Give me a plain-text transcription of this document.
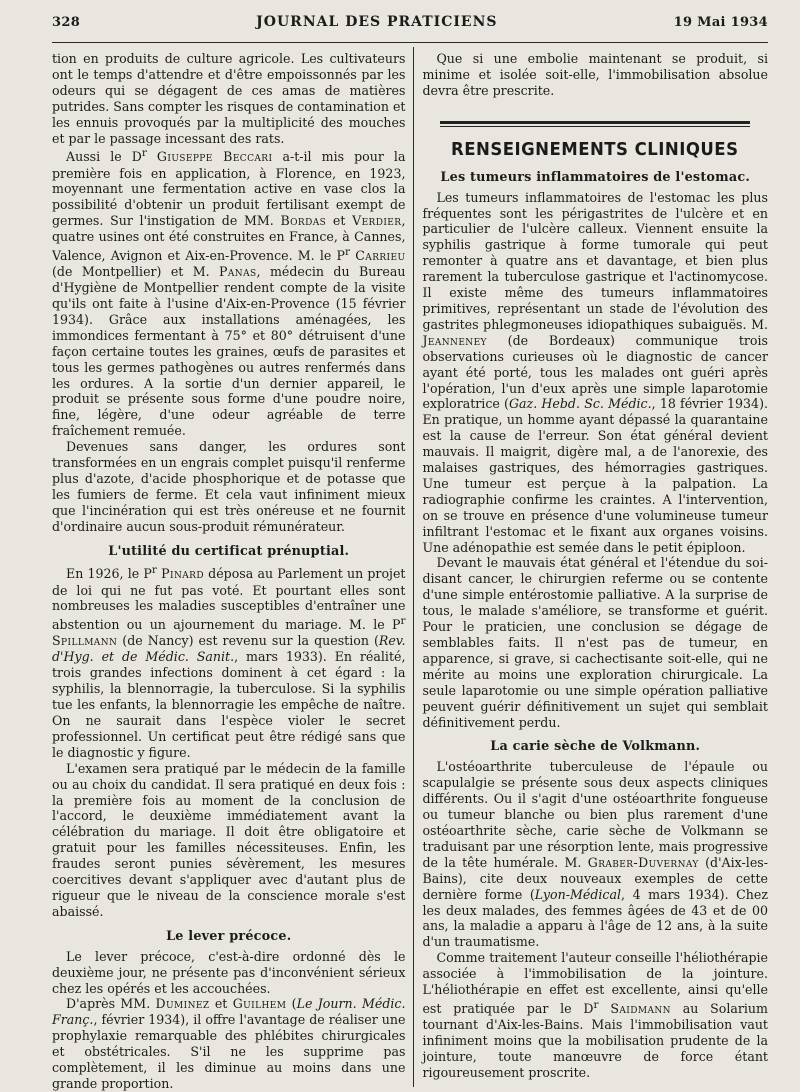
328	JOURNAL DES PRATICIENS	19 Mai 1934

tion en produits de culture agricole. Les cultivateurs ont le temps d'attendre et d'être empoissonnés par les odeurs qui se dégagent de ces amas de matières putrides. Sans compter les risques de contamination et les ennuis provoqués par la multiplicité des mouches et par le passage incessant des rats.

Aussi le $D^r$ Giuseppe Beccari a-t-il mis pour la première fois en application, à Florence, en 1923, moyennant une fermentation active en vase clos la possibilité d'obtenir un produit fertilisant exempt de germes. Sur l'instigation de MM. Bordas et Verdier, quatre usines ont été construites en France, à Cannes, Valence, Avignon et Aix-en-Provence. M. le $P^r$ Carrieu (de Montpellier) et M. Panas, médecin du Bureau d'Hygiène de Montpellier rendent compte de la visite qu'ils ont faite à l'usine d'Aix-en-Provence (15 février 1934). Grâce aux installations aménagées, les immondices fermentant à 75° et 80° détruisent d'une façon certaine toutes les graines, œufs de parasites et tous les germes pathogènes ou autres renfermés dans les ordures. A la sortie d'un dernier appareil, le produit se présente sous forme d'une poudre noire, fine, légère, d'une odeur agréable de terre fraîchement remuée.

Devenues sans danger, les ordures sont transformées en un engrais complet puisqu'il renferme plus d'azote, d'acide phosphorique et de potasse que les fumiers de ferme. Et cela vaut infiniment mieux que l'incinération qui est très onéreuse et ne fournit d'ordinaire aucun sous-produit rémunérateur.

L'utilité du certificat prénuptial.

En 1926, le $P^r$ Pinard déposa au Parlement un projet de loi qui ne fut pas voté. Et pourtant elles sont nombreuses les maladies susceptibles d'entraîner une abstention ou un ajournement du mariage. M. le $P^r$ Spillmann (de Nancy) est revenu sur la question (Rev. d'Hyg. et de Médic. Sanit., mars 1933). En réalité, trois grandes infections dominent à cet égard : la syphilis, la blennorragie, la tuberculose. Si la syphilis tue les enfants, la blennorragie les empêche de naître. On ne saurait dans l'espèce violer le secret professionnel. Un certificat peut être rédigé sans que le diagnostic y figure.

L'examen sera pratiqué par le médecin de la famille ou au choix du candidat. Il sera pratiqué en deux fois : la première fois au moment de la conclusion de l'accord, le deuxième immédiatement avant la célébration du mariage. Il doit être obligatoire et gratuit pour les familles nécessiteuses. Enfin, les fraudes seront punies sévèrement, les mesures coercitives devant s'appliquer avec d'autant plus de rigueur que le niveau de la conscience morale s'est abaissé.

Le lever précoce.

Le lever précoce, c'est-à-dire ordonné dès le deuxième jour, ne présente pas d'inconvénient sérieux chez les opérés et les accouchées.

D'après MM. Duminez et Guilhem (Le Journ. Médic. Franç., février 1934), il offre l'avantage de réaliser une prophylaxie remarquable des phlébites chirurgicales et obstétricales. S'il ne les supprime pas complètement, il les diminue au moins dans une grande proportion.

Que si une embolie maintenant se produit, si minime et isolée soit-elle, l'immobilisation absolue devra être prescrite.

RENSEIGNEMENTS CLINIQUES
Les tumeurs inflammatoires de l'estomac.

Les tumeurs inflammatoires de l'estomac les plus fréquentes sont les périgastrites de l'ulcère et en particulier de l'ulcère calleux. Viennent ensuite la syphilis gastrique à forme tumorale qui peut remonter à quatre ans et davantage, et bien plus rarement la tuberculose gastrique et l'actinomycose. Il existe même des tumeurs inflammatoires primitives, représentant un stade de l'évolution des gastrites phlegmoneuses idiopathiques subaiguës. M. Jeanneney (de Bordeaux) communique trois observations curieuses où le diagnostic de cancer ayant été porté, tous les malades ont guéri après l'opération, l'un d'eux après une simple laparotomie exploratrice (Gaz. Hebd. Sc. Médic., 18 février 1934). En pratique, un homme ayant dépassé la quarantaine est la cause de l'erreur. Son état général devient mauvais. Il maigrit, digère mal, a de l'anorexie, des malaises gastriques, des hémorragies gastriques. Une tumeur est perçue à la palpation. La radiographie confirme les craintes. A l'intervention, on se trouve en présence d'une volumineuse tumeur infiltrant l'estomac et le fixant aux organes voisins. Une adénopathie est semée dans le petit épiploon.

Devant le mauvais état général et l'étendue du soi-disant cancer, le chirurgien referme ou se contente d'une simple entérostomie palliative. A la surprise de tous, le malade s'améliore, se transforme et guérit. Pour le praticien, une conclusion se dégage de semblables faits. Il n'est pas de tumeur, en apparence, si grave, si cachectisante soit-elle, qui ne mérite au moins une exploration chirurgicale. La seule laparotomie ou une simple opération palliative peuvent guérir définitivement un sujet qui semblait définitivement perdu.

La carie sèche de Volkmann.

L'ostéoarthrite tuberculeuse de l'épaule ou scapulalgie se présente sous deux aspects cliniques différents. Ou il s'agit d'une ostéoarthrite fongueuse ou tumeur blanche ou bien plus rarement d'une ostéoarthrite sèche, carie sèche de Volkmann se traduisant par une résorption lente, mais progressive de la tête humérale. M. Graber-Duvernay (d'Aix-les-Bains), cite deux nouveaux exemples de cette dernière forme (Lyon-Médical, 4 mars 1934). Chez les deux malades, des femmes âgées de 43 et de 00 ans, la maladie a apparu à l'âge de 12 ans, à la suite d'un traumatisme.

Comme traitement l'auteur conseille l'héliothérapie associée à l'immobilisation de la jointure. L'héliothérapie en effet est excellente, ainsi qu'elle est pratiquée par le $D^r$ Saidmann au Solarium tournant d'Aix-les-Bains. Mais l'immobilisation vaut infiniment moins que la mobilisation prudente de la jointure, toute manœuvre de force étant rigoureusement proscrite.
